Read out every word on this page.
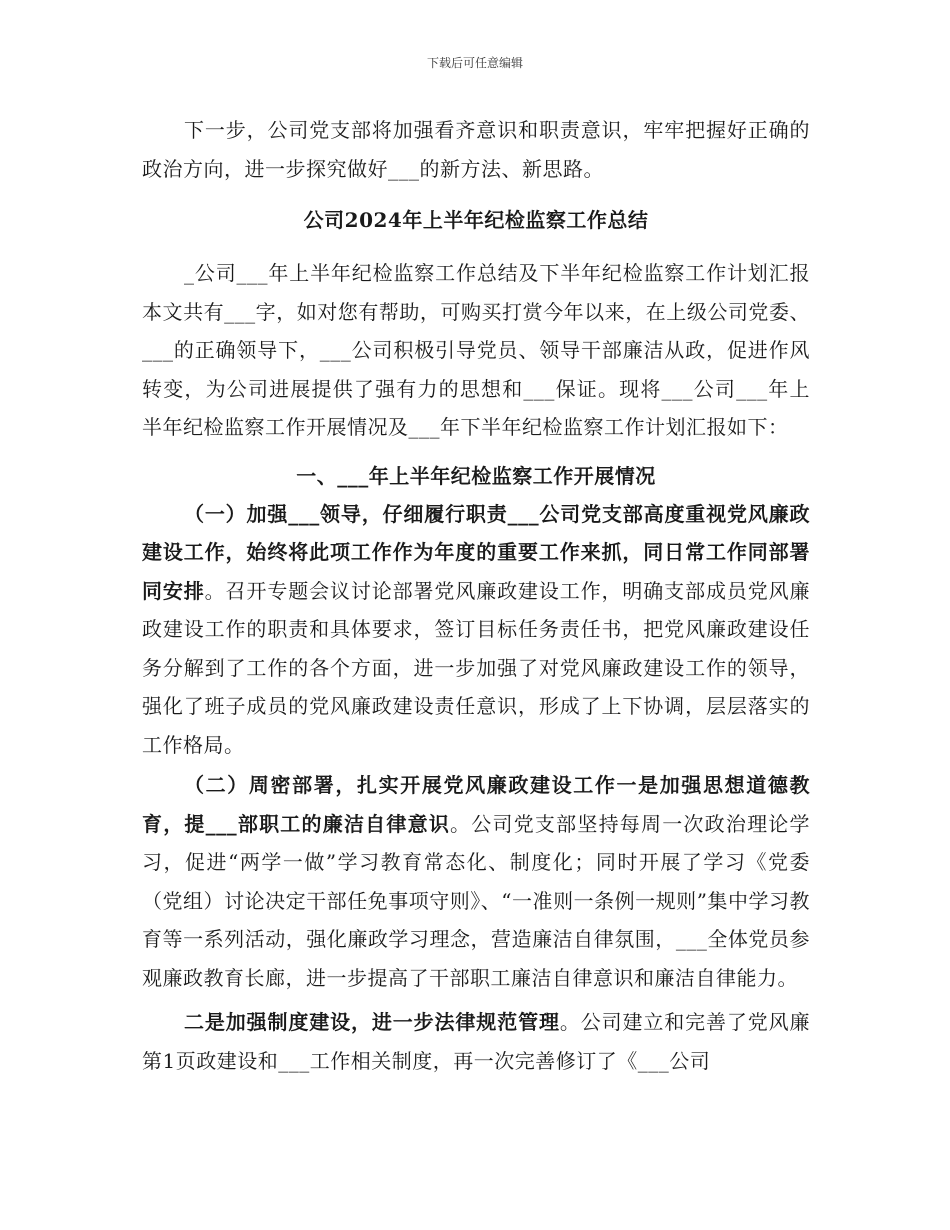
下载后可任意编辑

下一步，公司党支部将加强看齐意识和职责意识，牢牢把握好正确的政治方向，进一步探究做好___的新方法、新思路。

公司2024年上半年纪检监察工作总结

_公司___年上半年纪检监察工作总结及下半年纪检监察工作计划汇报本文共有___字，如对您有帮助，可购买打赏今年以来，在上级公司党委、___的正确领导下，___公司积极引导党员、领导干部廉洁从政，促进作风转变，为公司进展提供了强有力的思想和___保证。现将___公司___年上半年纪检监察工作开展情况及___年下半年纪检监察工作计划汇报如下：

一、___年上半年纪检监察工作开展情况

（一）加强___领导，仔细履行职责___公司党支部高度重视党风廉政建设工作，始终将此项工作作为年度的重要工作来抓，同日常工作同部署同安排。召开专题会议讨论部署党风廉政建设工作，明确支部成员党风廉政建设工作的职责和具体要求，签订目标任务责任书，把党风廉政建设任务分解到了工作的各个方面，进一步加强了对党风廉政建设工作的领导，强化了班子成员的党风廉政建设责任意识，形成了上下协调，层层落实的工作格局。

（二）周密部署，扎实开展党风廉政建设工作一是加强思想道德教育，提___部职工的廉洁自律意识。公司党支部坚持每周一次政治理论学习，促进“两学一做”学习教育常态化、制度化；同时开展了学习《党委（党组）讨论决定干部任免事项守则》、“一准则一条例一规则”集中学习教育等一系列活动，强化廉政学习理念，营造廉洁自律氛围，___全体党员参观廉政教育长廊，进一步提高了干部职工廉洁自律意识和廉洁自律能力。

二是加强制度建设，进一步法律规范管理。公司建立和完善了党风廉第1页政建设和___工作相关制度，再一次完善修订了《___公司
